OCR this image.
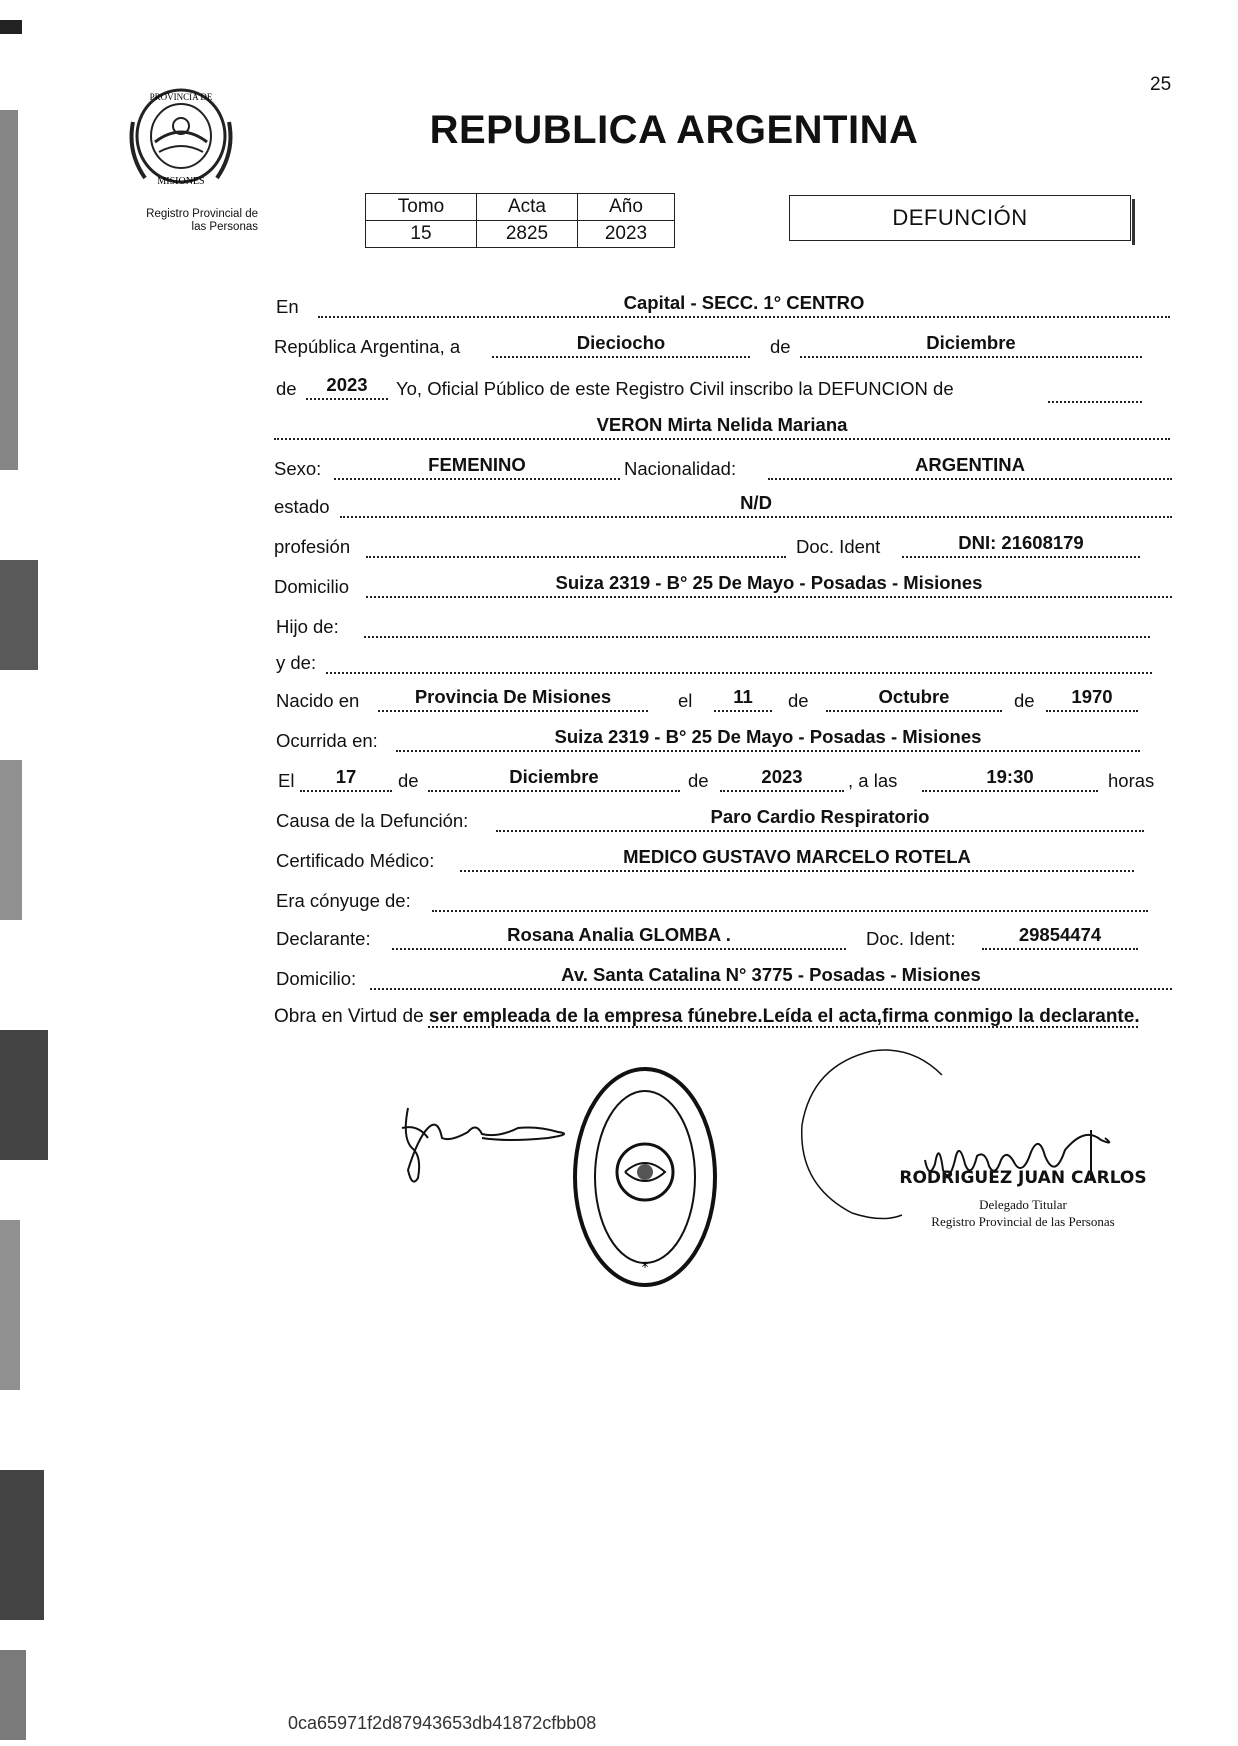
25
PROVINCIA DE
MISIONES
Registro Provincial de
las Personas
REPUBLICA ARGENTINA
Tomo	Acta	Año
15	2825	2023
DEFUNCIÓN
En	Capital - SECC. 1° CENTRO
República Argentina, a	Dieciocho	de	Diciembre
de	2023	Yo, Oficial Público de este Registro Civil inscribo la DEFUNCION de
VERON Mirta Nelida Mariana
Sexo:	FEMENINO	Nacionalidad:	ARGENTINA
estado	N/D
profesión	Doc. Ident	DNI: 21608179
Domicilio	Suiza 2319 - B° 25 De Mayo - Posadas - Misiones
Hijo de:
y de:
Nacido en	Provincia De Misiones	el	11	de	Octubre	de	1970
Ocurrida en:	Suiza 2319 - B° 25 De Mayo - Posadas - Misiones
El	17	de	Diciembre	de	2023	, a las	19:30	horas
Causa de la Defunción:	Paro Cardio Respiratorio
Certificado Médico:	MEDICO GUSTAVO MARCELO ROTELA
Era cónyuge de:
Declarante:	Rosana Analia GLOMBA .	Doc. Ident:	29854474
Domicilio:	Av. Santa Catalina N° 3775 - Posadas - Misiones
Obra en Virtud de ser empleada de la empresa fúnebre.Leída el acta,firma conmigo la declarante.
*
RODRIGUEZ JUAN CARLOS
Delegado Titular
Registro Provincial de las Personas
0ca65971f2d87943653db41872cfbb08
